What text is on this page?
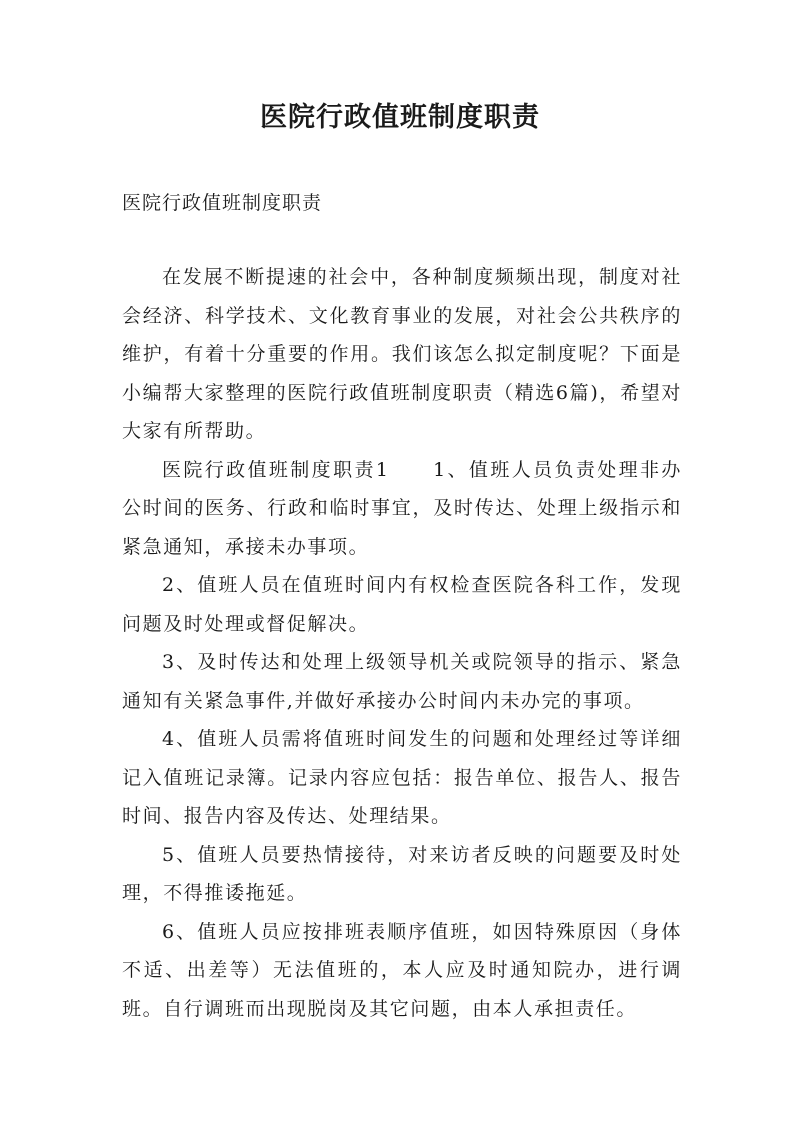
医院行政值班制度职责

医院行政值班制度职责

在发展不断提速的社会中，各种制度频频出现，制度对社会经济、科学技术、文化教育事业的发展，对社会公共秩序的维护，有着十分重要的作用。我们该怎么拟定制度呢？下面是小编帮大家整理的医院行政值班制度职责（精选6篇)，希望对大家有所帮助。

医院行政值班制度职责1　　1、值班人员负责处理非办公时间的医务、行政和临时事宜，及时传达、处理上级指示和紧急通知，承接未办事项。

2、值班人员在值班时间内有权检查医院各科工作，发现问题及时处理或督促解决。

3、及时传达和处理上级领导机关或院领导的指示、紧急通知有关紧急事件,并做好承接办公时间内未办完的事项。

4、值班人员需将值班时间发生的问题和处理经过等详细记入值班记录簿。记录内容应包括：报告单位、报告人、报告时间、报告内容及传达、处理结果。

5、值班人员要热情接待，对来访者反映的问题要及时处理，不得推诿拖延。

6、值班人员应按排班表顺序值班，如因特殊原因（身体不适、出差等）无法值班的，本人应及时通知院办，进行调班。自行调班而出现脱岗及其它问题，由本人承担责任。
